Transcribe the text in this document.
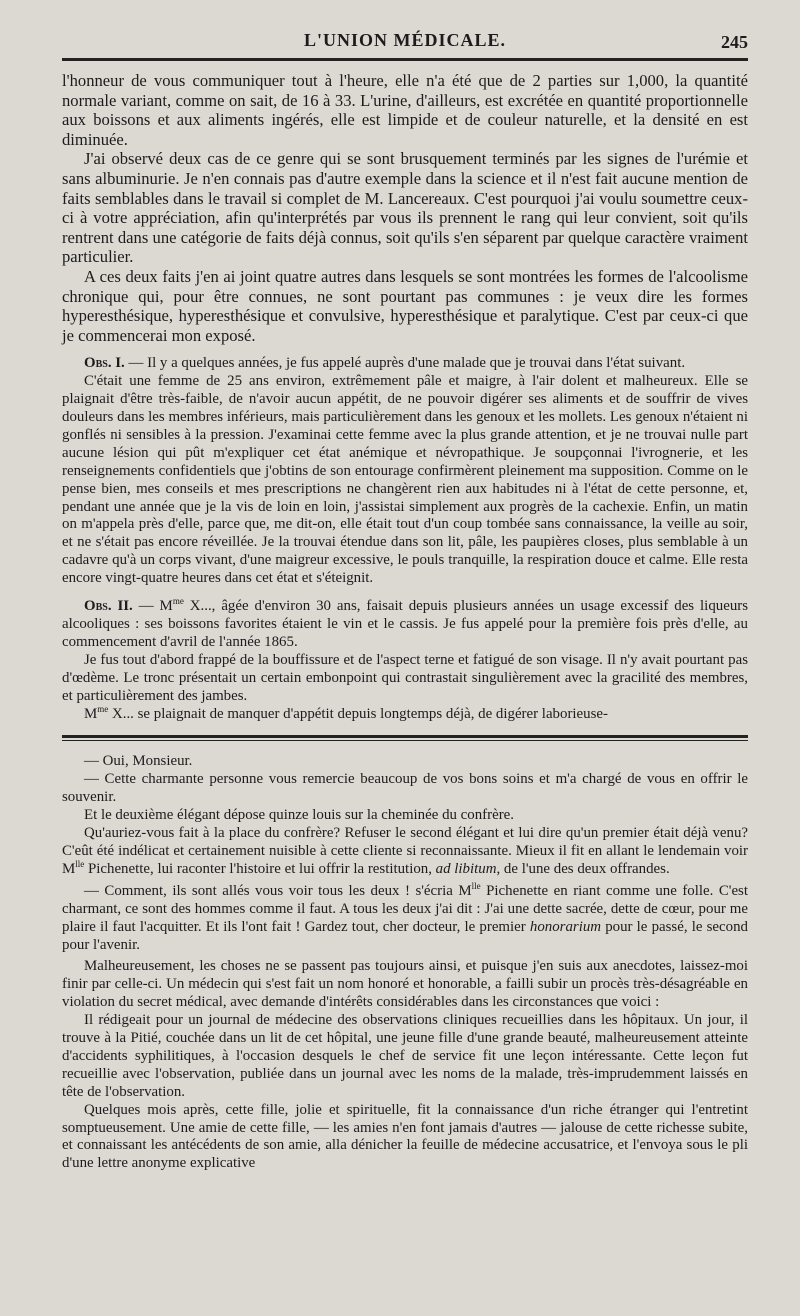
L'UNION MÉDICALE.	245

l'honneur de vous communiquer tout à l'heure, elle n'a été que de 2 parties sur 1,000, la quantité normale variant, comme on sait, de 16 à 33. L'urine, d'ailleurs, est excrétée en quantité proportionnelle aux boissons et aux aliments ingérés, elle est limpide et de couleur naturelle, et la densité en est diminuée.

J'ai observé deux cas de ce genre qui se sont brusquement terminés par les signes de l'urémie et sans albuminurie. Je n'en connais pas d'autre exemple dans la science et il n'est fait aucune mention de faits semblables dans le travail si complet de M. Lancereaux. C'est pourquoi j'ai voulu soumettre ceux-ci à votre appréciation, afin qu'interprétés par vous ils prennent le rang qui leur convient, soit qu'ils rentrent dans une catégorie de faits déjà connus, soit qu'ils s'en séparent par quelque caractère vraiment particulier.

A ces deux faits j'en ai joint quatre autres dans lesquels se sont montrées les formes de l'alcoolisme chronique qui, pour être connues, ne sont pourtant pas communes : je veux dire les formes hyperesthésique, hyperesthésique et convulsive, hyperesthésique et paralytique. C'est par ceux-ci que je commencerai mon exposé.

Obs. I. — Il y a quelques années, je fus appelé auprès d'une malade que je trouvai dans l'état suivant.

C'était une femme de 25 ans environ, extrêmement pâle et maigre, à l'air dolent et malheureux. Elle se plaignait d'être très-faible, de n'avoir aucun appétit, de ne pouvoir digérer ses aliments et de souffrir de vives douleurs dans les membres inférieurs, mais particulièrement dans les genoux et les mollets. Les genoux n'étaient ni gonflés ni sensibles à la pression. J'examinai cette femme avec la plus grande attention, et je ne trouvai nulle part aucune lésion qui pût m'expliquer cet état anémique et névropathique. Je soupçonnai l'ivrognerie, et les renseignements confidentiels que j'obtins de son entourage confirmèrent pleinement ma supposition. Comme on le pense bien, mes conseils et mes prescriptions ne changèrent rien aux habitudes ni à l'état de cette personne, et, pendant une année que je la vis de loin en loin, j'assistai simplement aux progrès de la cachexie. Enfin, un matin on m'appela près d'elle, parce que, me dit-on, elle était tout d'un coup tombée sans connaissance, la veille au soir, et ne s'était pas encore réveillée. Je la trouvai étendue dans son lit, pâle, les paupières closes, plus semblable à un cadavre qu'à un corps vivant, d'une maigreur excessive, le pouls tranquille, la respiration douce et calme. Elle resta encore vingt-quatre heures dans cet état et s'éteignit.

Obs. II. — $M^{me}$ X..., âgée d'environ 30 ans, faisait depuis plusieurs années un usage excessif des liqueurs alcooliques : ses boissons favorites étaient le vin et le cassis. Je fus appelé pour la première fois près d'elle, au commencement d'avril de l'année 1865.

Je fus tout d'abord frappé de la bouffissure et de l'aspect terne et fatigué de son visage. Il n'y avait pourtant pas d'œdème. Le tronc présentait un certain embonpoint qui contrastait singulièrement avec la gracilité des membres, et particulièrement des jambes.

$M^{me}$ X... se plaignait de manquer d'appétit depuis longtemps déjà, de digérer laborieuse-

— Oui, Monsieur.

— Cette charmante personne vous remercie beaucoup de vos bons soins et m'a chargé de vous en offrir le souvenir.

Et le deuxième élégant dépose quinze louis sur la cheminée du confrère.

Qu'auriez-vous fait à la place du confrère? Refuser le second élégant et lui dire qu'un premier était déjà venu? C'eût été indélicat et certainement nuisible à cette cliente si reconnaissante. Mieux il fit en allant le lendemain voir $M^{lle}$ Pichenette, lui raconter l'histoire et lui offrir la restitution, ad libitum, de l'une des deux offrandes.

— Comment, ils sont allés vous voir tous les deux ! s'écria $M^{lle}$ Pichenette en riant comme une folle. C'est charmant, ce sont des hommes comme il faut. A tous les deux j'ai dit : J'ai une dette sacrée, dette de cœur, pour me plaire il faut l'acquitter. Et ils l'ont fait ! Gardez tout, cher docteur, le premier honorarium pour le passé, le second pour l'avenir.

Malheureusement, les choses ne se passent pas toujours ainsi, et puisque j'en suis aux anecdotes, laissez-moi finir par celle-ci. Un médecin qui s'est fait un nom honoré et honorable, a failli subir un procès très-désagréable en violation du secret médical, avec demande d'intérêts considérables dans les circonstances que voici :

Il rédigeait pour un journal de médecine des observations cliniques recueillies dans les hôpitaux. Un jour, il trouve à la Pitié, couchée dans un lit de cet hôpital, une jeune fille d'une grande beauté, malheureusement atteinte d'accidents syphilitiques, à l'occasion desquels le chef de service fit une leçon intéressante. Cette leçon fut recueillie avec l'observation, publiée dans un journal avec les noms de la malade, très-imprudemment laissés en tête de l'observation.

Quelques mois après, cette fille, jolie et spirituelle, fit la connaissance d'un riche étranger qui l'entretint somptueusement. Une amie de cette fille, — les amies n'en font jamais d'autres — jalouse de cette richesse subite, et connaissant les antécédents de son amie, alla dénicher la feuille de médecine accusatrice, et l'envoya sous le pli d'une lettre anonyme explicative
